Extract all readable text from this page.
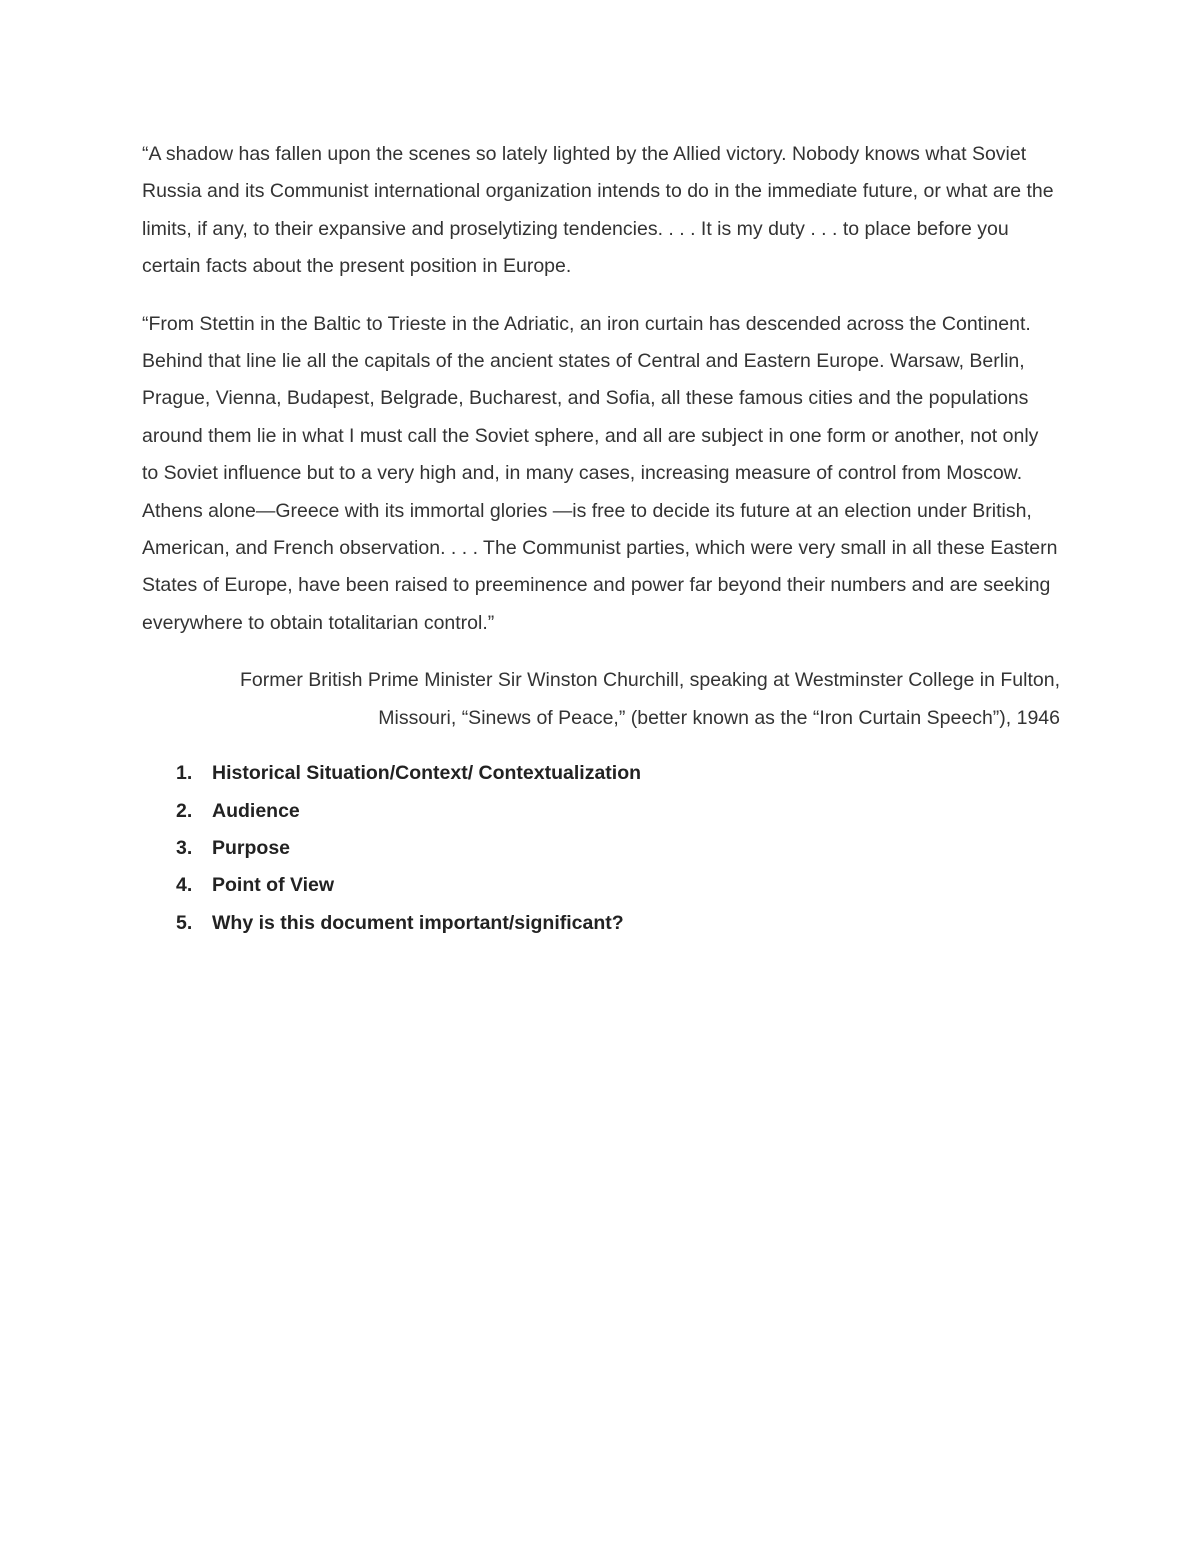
“A shadow has fallen upon the scenes so lately lighted by the Allied victory. Nobody knows what Soviet Russia and its Communist international organization intends to do in the immediate future, or what are the limits, if any, to their expansive and proselytizing tendencies. . . . It is my duty . . . to place before you certain facts about the present position in Europe.

“From Stettin in the Baltic to Trieste in the Adriatic, an iron curtain has descended across the Continent. Behind that line lie all the capitals of the ancient states of Central and Eastern Europe. Warsaw, Berlin, Prague, Vienna, Budapest, Belgrade, Bucharest, and Sofia, all these famous cities and the populations around them lie in what I must call the Soviet sphere, and all are subject in one form or another, not only to Soviet influence but to a very high and, in many cases, increasing measure of control from Moscow. Athens alone—Greece with its immortal glories —is free to decide its future at an election under British, American, and French observation. . . . The Communist parties, which were very small in all these Eastern States of Europe, have been raised to preeminence and power far beyond their numbers and are seeking everywhere to obtain totalitarian control.”

Former British Prime Minister Sir Winston Churchill, speaking at Westminster College in Fulton,
Missouri, “Sinews of Peace,” (better known as the “Iron Curtain Speech”), 1946

1. Historical Situation/Context/ Contextualization
2. Audience
3. Purpose
4. Point of View
5. Why is this document important/significant?
